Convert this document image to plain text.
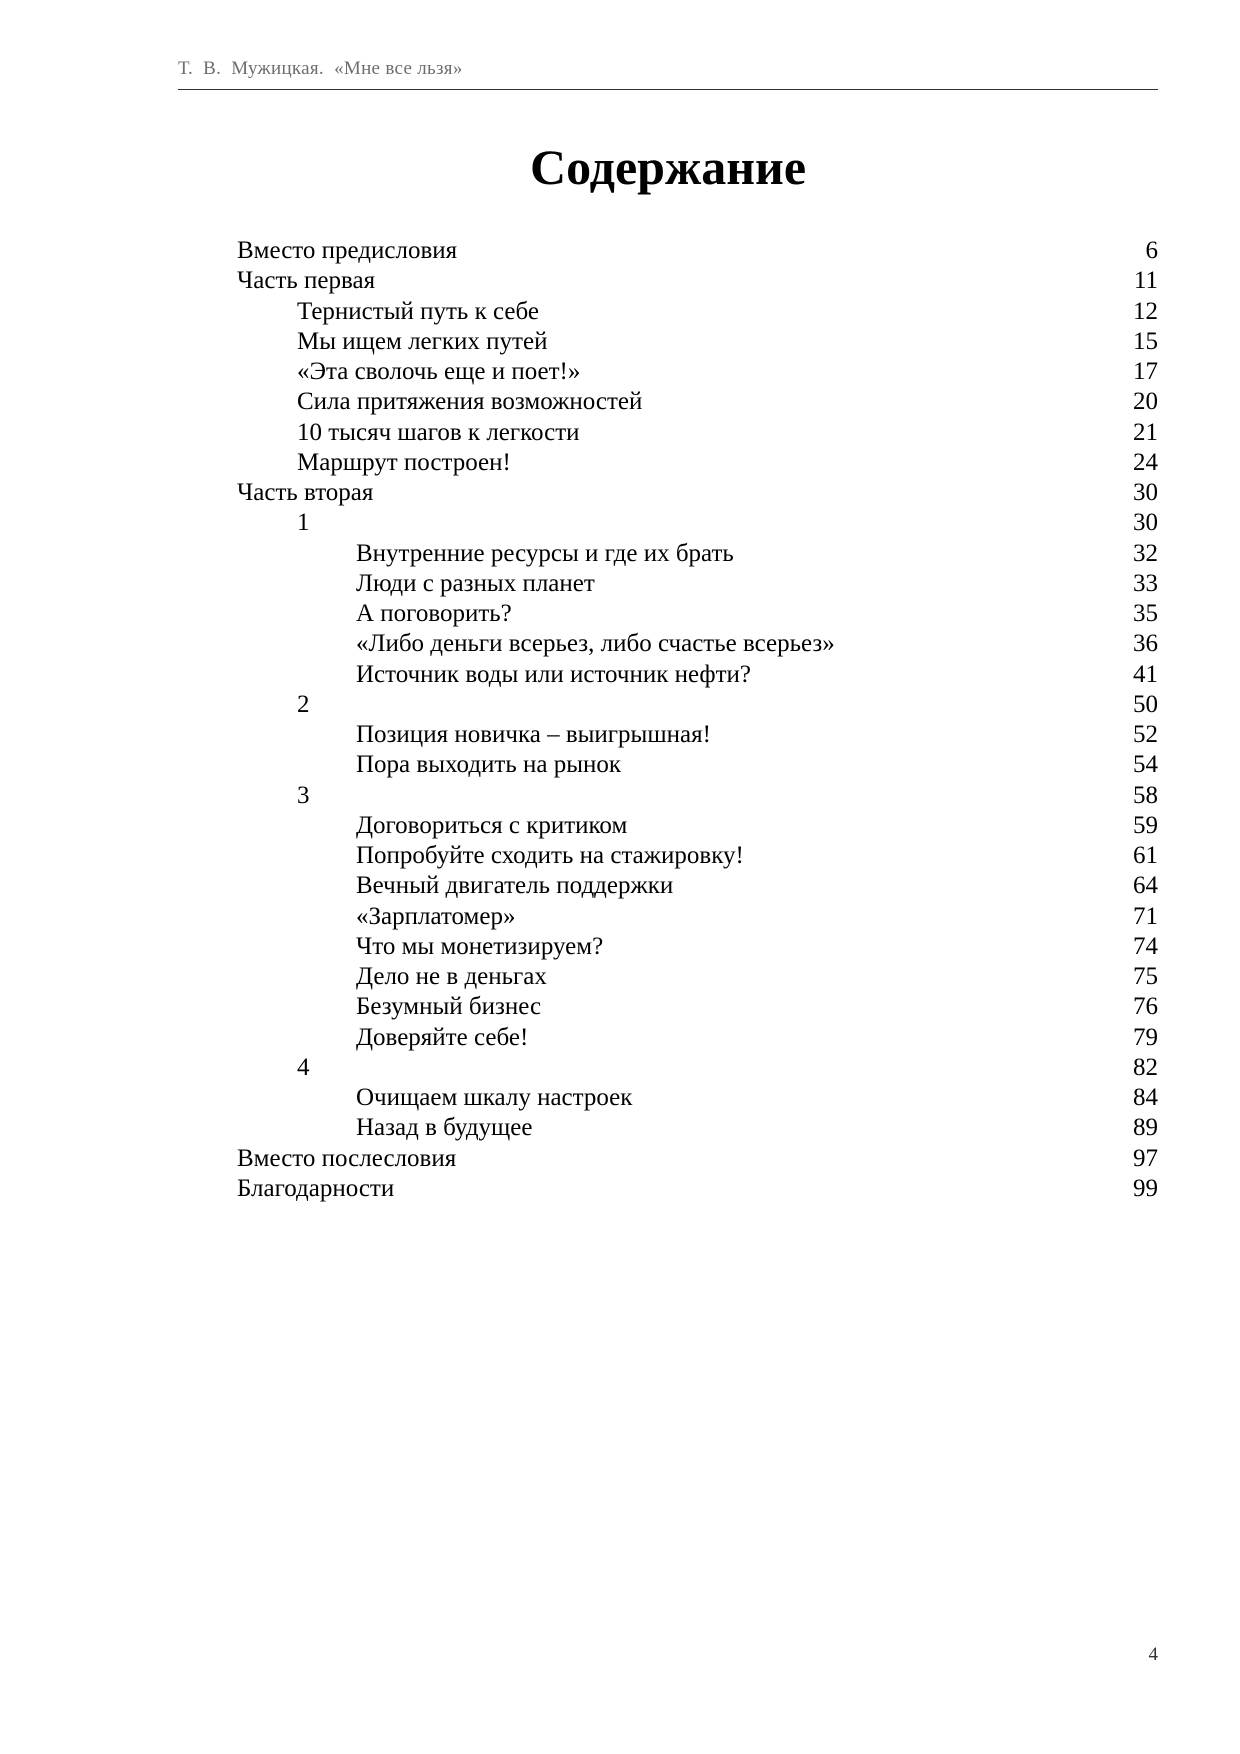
Т.  В.  Мужицкая.  «Мне все льзя»
Содержание
Вместо предисловия	6
Часть первая	11
Тернистый путь к себе	12
Мы ищем легких путей	15
«Эта сволочь еще и поет!»	17
Сила притяжения возможностей	20
10 тысяч шагов к легкости	21
Маршрут построен!	24
Часть вторая	30
1	30
Внутренние ресурсы и где их брать	32
Люди с разных планет	33
А поговорить?	35
«Либо деньги всерьез, либо счастье всерьез»	36
Источник воды или источник нефти?	41
2	50
Позиция новичка – выигрышная!	52
Пора выходить на рынок	54
3	58
Договориться с критиком	59
Попробуйте сходить на стажировку!	61
Вечный двигатель поддержки	64
«Зарплатомер»	71
Что мы монетизируем?	74
Дело не в деньгах	75
Безумный бизнес	76
Доверяйте себе!	79
4	82
Очищаем шкалу настроек	84
Назад в будущее	89
Вместо послесловия	97
Благодарности	99
4
